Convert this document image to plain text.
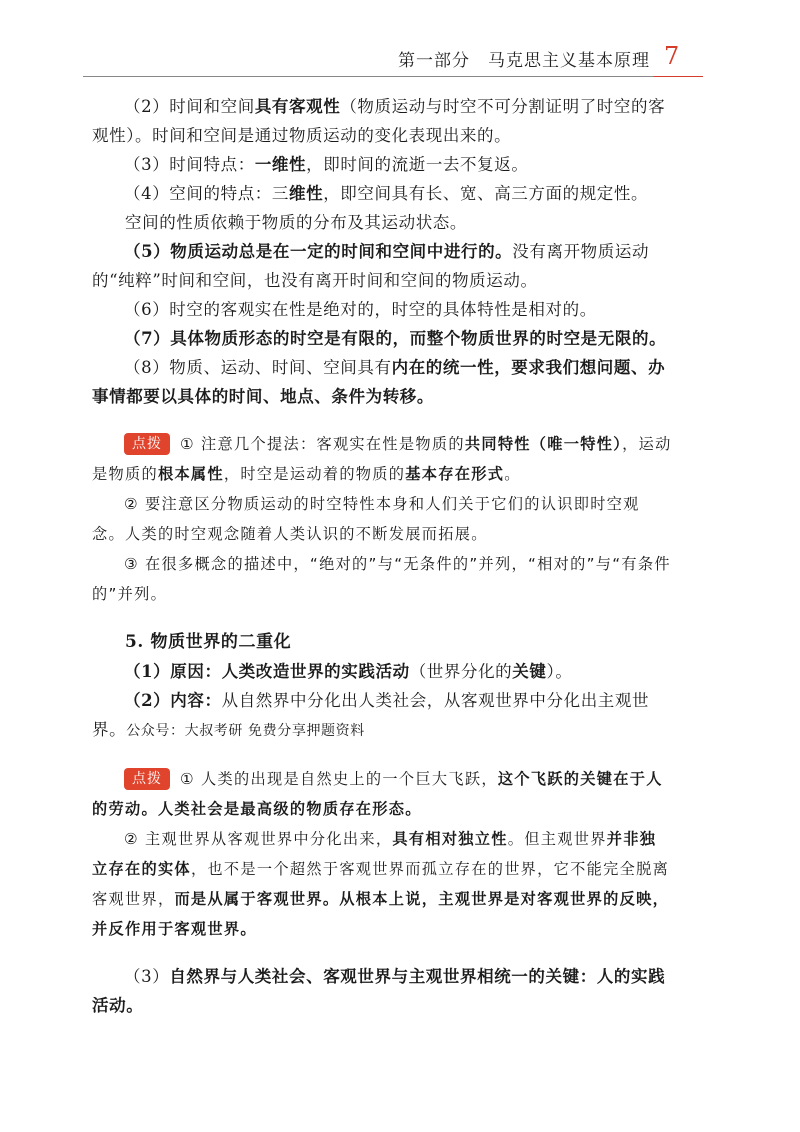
第一部分　马克思主义基本原理 7

（2）时间和空间具有客观性（物质运动与时空不可分割证明了时空的客观性）。时间和空间是通过物质运动的变化表现出来的。

（3）时间特点：一维性，即时间的流逝一去不复返。

（4）空间的特点：三维性，即空间具有长、宽、高三方面的规定性。

空间的性质依赖于物质的分布及其运动状态。

（5）物质运动总是在一定的时间和空间中进行的。没有离开物质运动的“纯粹”时间和空间，也没有离开时间和空间的物质运动。

（6）时空的客观实在性是绝对的，时空的具体特性是相对的。

（7）具体物质形态的时空是有限的，而整个物质世界的时空是无限的。

（8）物质、运动、时间、空间具有内在的统一性，要求我们想问题、办事情都要以具体的时间、地点、条件为转移。

点拨 ① 注意几个提法：客观实在性是物质的共同特性（唯一特性），运动是物质的根本属性，时空是运动着的物质的基本存在形式。

② 要注意区分物质运动的时空特性本身和人们关于它们的认识即时空观念。人类的时空观念随着人类认识的不断发展而拓展。

③ 在很多概念的描述中，“绝对的”与“无条件的”并列，“相对的”与“有条件的”并列。

5. 物质世界的二重化

（1）原因：人类改造世界的实践活动（世界分化的关键）。

（2）内容：从自然界中分化出人类社会，从客观世界中分化出主观世界。公众号：大叔考研 免费分享押题资料

点拨 ① 人类的出现是自然史上的一个巨大飞跃，这个飞跃的关键在于人的劳动。人类社会是最高级的物质存在形态。

② 主观世界从客观世界中分化出来，具有相对独立性。但主观世界并非独立存在的实体，也不是一个超然于客观世界而孤立存在的世界，它不能完全脱离客观世界，而是从属于客观世界。从根本上说，主观世界是对客观世界的反映，并反作用于客观世界。

（3）自然界与人类社会、客观世界与主观世界相统一的关键：人的实践活动。
